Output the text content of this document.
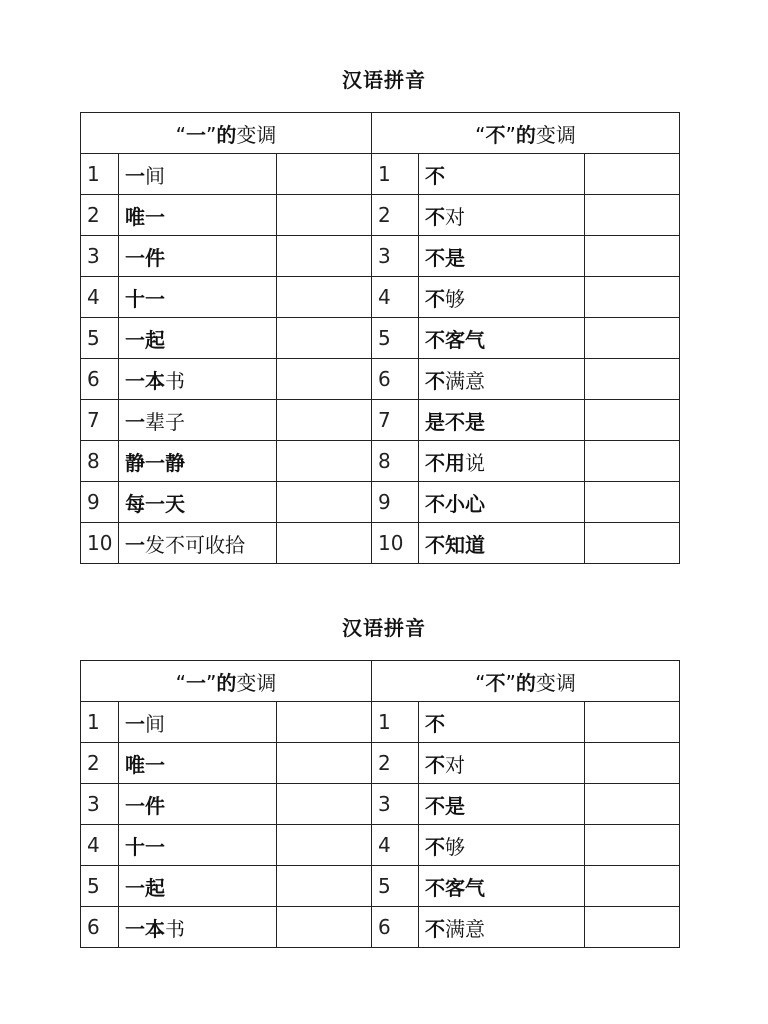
汉语拼音
“一”的变调			“不”的变调		
1	一间		1	不	
2	唯一		2	不对	
3	一件		3	不是	
4	十一		4	不够	
5	一起		5	不客气	
6	一本书		6	不满意	
7	一辈子		7	是不是	
8	静一静		8	不用说	
9	每一天		9	不小心	
10	一发不可收拾		10	不知道	
汉语拼音
“一”的变调			“不”的变调		
1	一间		1	不	
2	唯一		2	不对	
3	一件		3	不是	
4	十一		4	不够	
5	一起		5	不客气	
6	一本书		6	不满意	
